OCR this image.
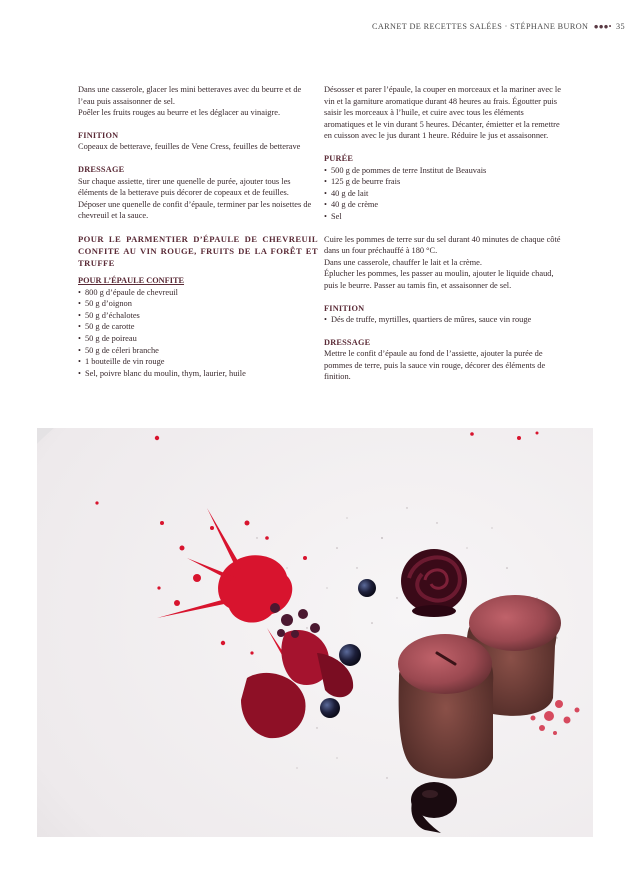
CARNET DE RECETTES SALÉES · STÉPHANE BURON ●●●• 35

Dans une casserole, glacer les mini betteraves avec du beurre et de l’eau puis assaisonner de sel.

Poêler les fruits rouges au beurre et les déglacer au vinaigre.

FINITION

Copeaux de betterave, feuilles de Vene Cress, feuilles de betterave

DRESSAGE

Sur chaque assiette, tirer une quenelle de purée, ajouter tous les éléments de la betterave puis décorer de copeaux et de feuilles. Déposer une quenelle de confit d’épaule, terminer par les noisettes de chevreuil et la sauce.

POUR LE PARMENTIER D’ÉPAULE DE CHEVREUIL CONFITE AU VIN ROUGE, FRUITS DE LA FORÊT ET TRUFFE

POUR L’ÉPAULE CONFITE

• 800 g d’épaule de chevreuil
• 50 g d’oignon
• 50 g d’échalotes
• 50 g de carotte
• 50 g de poireau
• 50 g de céleri branche
• 1 bouteille de vin rouge
• Sel, poivre blanc du moulin, thym, laurier, huile

Désosser et parer l’épaule, la couper en morceaux et la mariner avec le vin et la garniture aromatique durant 48 heures au frais. Égoutter puis saisir les morceaux à l’huile, et cuire avec tous les éléments aromatiques et le vin durant 5 heures. Décanter, émietter et la remettre en cuisson avec le jus durant 1 heure. Réduire le jus et assaisonner.

PURÉE

• 500 g de pommes de terre Institut de Beauvais
• 125 g de beurre frais
• 40 g de lait
• 40 g de crème
• Sel

Cuire les pommes de terre sur du sel durant 40 minutes de chaque côté dans un four préchauffé à 180 °C.

Dans une casserole, chauffer le lait et la crème.

Éplucher les pommes, les passer au moulin, ajouter le liquide chaud, puis le beurre. Passer au tamis fin, et assaisonner de sel.

FINITION

• Dés de truffe, myrtilles, quartiers de mûres, sauce vin rouge

DRESSAGE

Mettre le confit d’épaule au fond de l’assiette, ajouter la purée de pommes de terre, puis la sauce vin rouge, décorer des éléments de finition.
